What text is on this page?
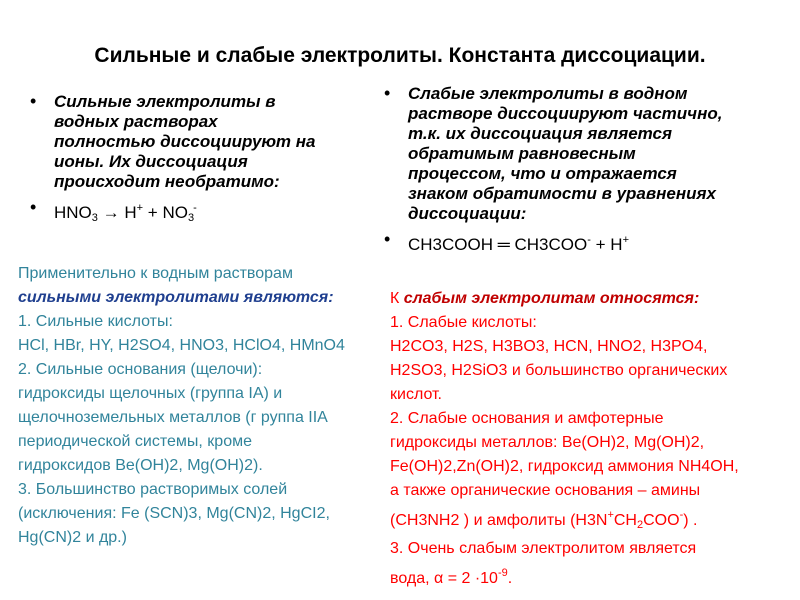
Сильные и слабые электролиты. Константа диссоциации.
• Сильные электролиты в
водных растворах
полностью диссоциируют на
ионы. Их диссоциация
происходит необратимо:
• $HNO_3 \to H^+ + NO_3^-$
• Слабые электролиты в водном
растворе диссоциируют частично,
т.к. их диссоциация является
обратимым равновесным
процессом, что и отражается
знаком обратимости в уравнениях
диссоциации:
• CH3COOH ═ CH3COO- + H+
Применительно к водным растворам
сильными электролитами являются:
1. Сильные кислоты:
HCl, HBr, HY, H2SO4, HNO3, HClO4, HMnO4
2. Сильные основания (щелочи):
гидроксиды щелочных (группа IA) и
щелочноземельных металлов (г руппа IIA
периодической системы, кроме
гидроксидов Be(OH)2, Mg(OH)2).
3. Большинство растворимых солей
(исключения: Fe (SCN)3, Mg(CN)2, HgCI2,
Hg(CN)2 и др.)
К слабым электролитам относятся:
1. Слабые кислоты:
H2CO3, H2S, H3BO3, HCN, HNO2, H3PO4,
H2SO3, H2SiO3 и большинство органических
кислот.
2. Слабые основания и амфотерные
гидроксиды металлов: Be(OH)2, Mg(OH)2,
Fe(OH)2,Zn(OH)2, гидроксид аммония NH4OH,
а также органические основания – амины
(CH3NH2 ) и амфолиты $(H3N^+CH_2COO^-)$ .
3. Очень слабым электролитом является
вода, $\alpha = 2 \cdot 10^{-9}$.
